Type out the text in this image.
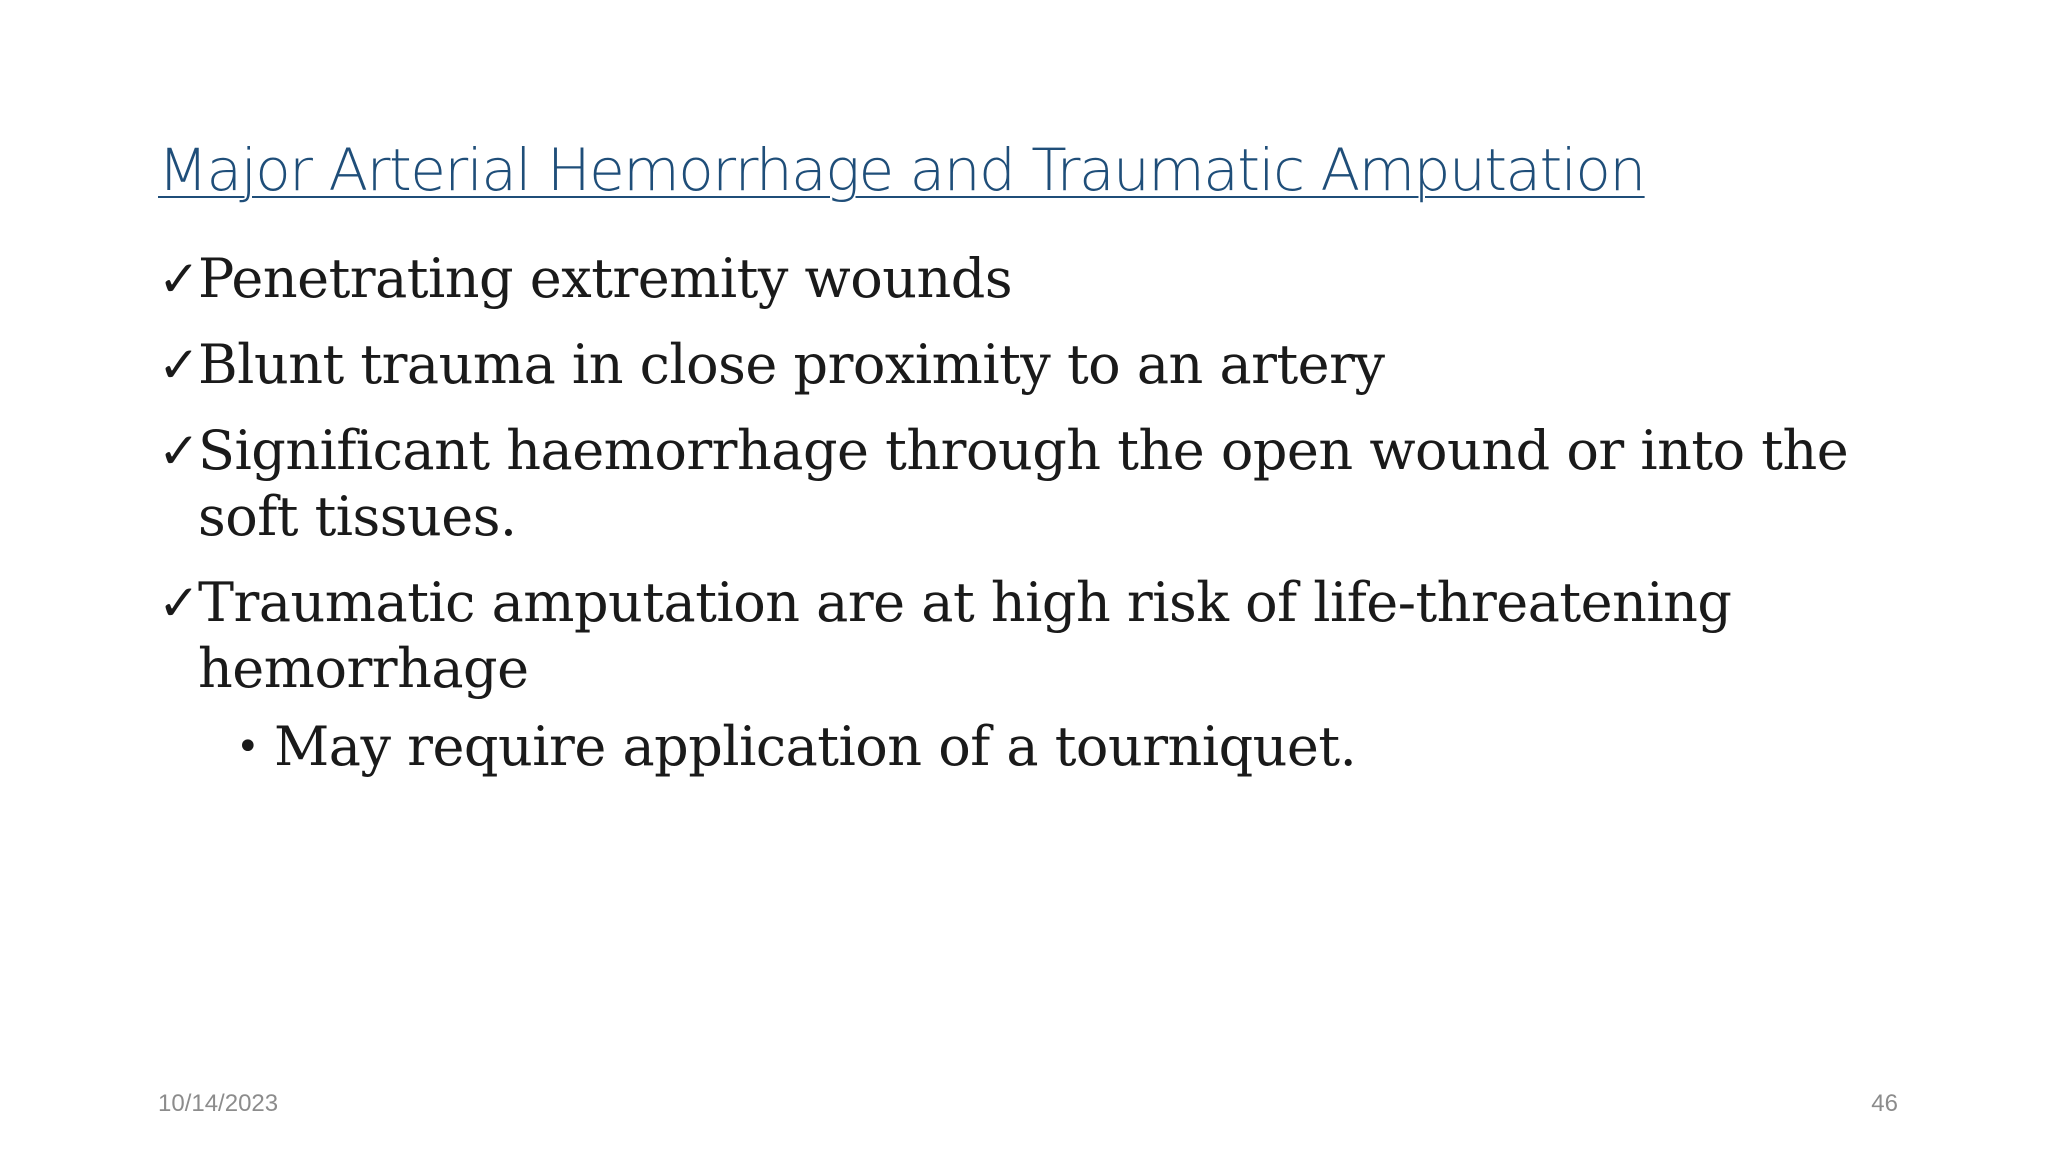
Major Arterial Hemorrhage and Traumatic Amputation
✓
Penetrating extremity wounds
✓
Blunt trauma in close proximity to an artery
✓
Significant haemorrhage through the open wound or into the soft tissues.
✓
Traumatic amputation are at high risk of life-threatening hemorrhage
• May require application of a tourniquet.
10/14/2023	46
